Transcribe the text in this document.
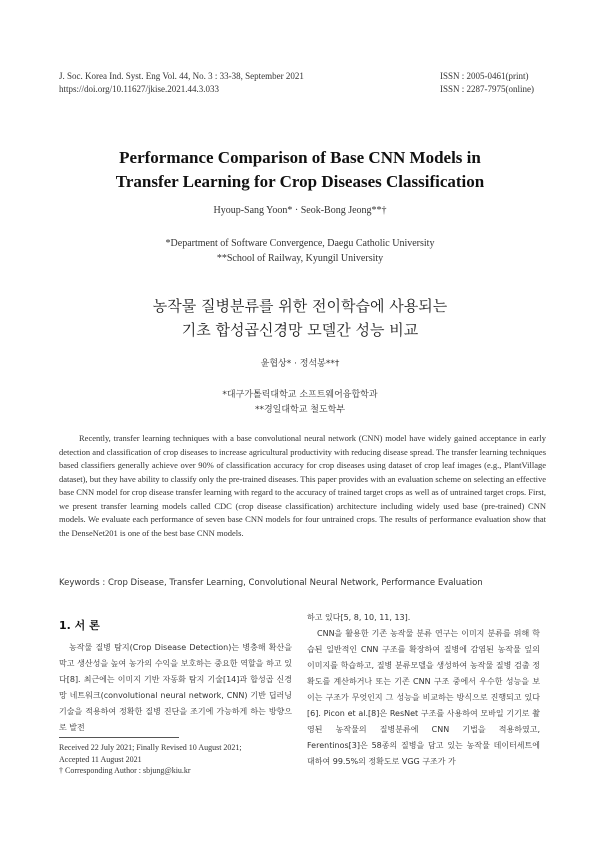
J. Soc. Korea Ind. Syst. Eng Vol. 44, No. 3 : 33-38, September 2021
https://doi.org/10.11627/jkise.2021.44.3.033
ISSN : 2005-0461(print)
ISSN : 2287-7975(online)
Performance Comparison of Base CNN Models in
Transfer Learning for Crop Diseases Classification
Hyoup-Sang Yoon* · Seok-Bong Jeong**†
*Department of Software Convergence, Daegu Catholic University
**School of Railway, Kyungil University
농작물 질병분류를 위한 전이학습에 사용되는
기초 합성곱신경망 모델간 성능 비교
윤협상* · 정석봉**†
*대구가톨릭대학교 소프트웨어융합학과
**경일대학교 철도학부

Recently, transfer learning techniques with a base convolutional neural network (CNN) model have widely gained acceptance in early detection and classification of crop diseases to increase agricultural productivity with reducing disease spread. The transfer learning techniques based classifiers generally achieve over 90% of classification accuracy for crop diseases using dataset of crop leaf images (e.g., PlantVillage dataset), but they have ability to classify only the pre-trained diseases. This paper provides with an evaluation scheme on selecting an effective base CNN model for crop disease transfer learning with regard to the accuracy of trained target crops as well as of untrained target crops. First, we present transfer learning models called CDC (crop disease classification) architecture including widely used base (pre-trained) CNN models. We evaluate each performance of seven base CNN models for four untrained crops. The results of performance evaluation show that the DenseNet201 is one of the best base CNN models.

Keywords : Crop Disease, Transfer Learning, Convolutional Neural Network, Performance Evaluation
1. 서 론

농작물 질병 탐지(Crop Disease Detection)는 병충해 확산을 막고 생산성을 높여 농가의 수익을 보호하는 중요한 역할을 하고 있다[8]. 최근에는 이미지 기반 자동화 탐지 기술[14]과 합성곱 신경망 네트워크(convolutional neural network, CNN) 기반 딥러닝 기술을 적용하여 정확한 질병 진단을 조기에 가능하게 하는 방향으로 발전

하고 있다[5, 8, 10, 11, 13].

CNN을 활용한 기존 농작물 분류 연구는 이미지 분류를 위해 학습된 일반적인 CNN 구조를 확장하여 질병에 감염된 농작물 잎의 이미지를 학습하고, 질병 분류모델을 생성하여 농작물 질병 검출 정확도를 계산하거나 또는 기존 CNN 구조 중에서 우수한 성능을 보이는 구조가 무엇인지 그 성능을 비교하는 방식으로 진행되고 있다[6]. Picon et al.[8]은 ResNet 구조를 사용하여 모바일 기기로 촬영된 농작물의 질병분류에 CNN 기법을 적용하였고, Ferentinos[3]은 58종의 질병을 담고 있는 농작물 데이터세트에 대하여 99.5%의 정확도로 VGG 구조가 가

Received 22 July 2021; Finally Revised 10 August 2021;
Accepted 11 August 2021
† Corresponding Author : sbjung@kiu.kr
